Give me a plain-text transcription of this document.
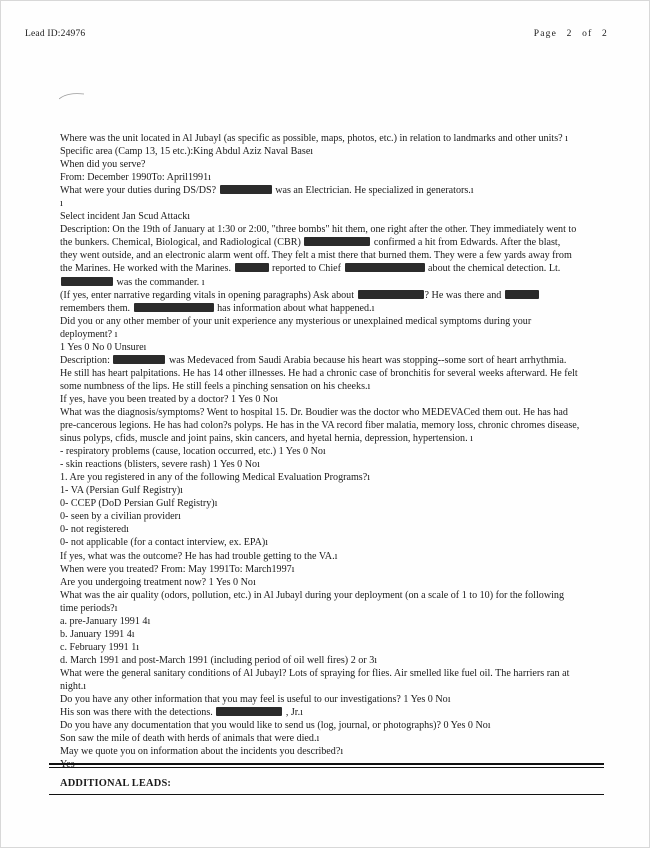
Lead ID:24976	Page 2 of 2

Where was the unit located in Al Jubayl (as specific as possible, maps, photos, etc.) in relation to landmarks and other units? ı

Specific area (Camp 13, 15 etc.):King Abdul Aziz Naval Baseı

When did you serve?

From: December 1990To: April1991ı

What were your duties during DS/DS?	was an Electrician. He specialized in generators.ı

ı

Select incident Jan Scud Attackı

Description: On the 19th of January at 1:30 or 2:00, "three bombs" hit them, one right after the other. They immediately went to the bunkers. Chemical, Biological, and Radiological (CBR)	confirmed a hit from Edwards. After the blast, they went outside, and an electronic alarm went off. They felt a mist there that burned them. They were a few yards away from the Marines. He worked with the Marines.	reported to Chief	about the chemical detection. Lt.  was the commander. ı

(If yes, enter narrative regarding vitals in opening paragraphs) Ask about	? He was there and  remembers them.	has information about what happened.ı

Did you or any other member of your unit experience any mysterious or unexplained medical symptoms during your deployment? ı

1 Yes 0 No 0 Unsureı

Description:	was Medevaced from Saudi Arabia because his heart was stopping--some sort of heart arrhythmia. He still has heart palpitations. He has 14 other illnesses. He had a chronic case of bronchitis for several weeks afterward. He felt some numbness of the lips. He still feels a pinching sensation on his cheeks.ı

If yes, have you been treated by a doctor? 1 Yes 0 Noı

What was the diagnosis/symptoms? Went to hospital 15. Dr. Boudier was the doctor who MEDEVACed them out. He has had pre-cancerous legions. He has had colon?s polyps. He has in the VA record fiber malatia, memory loss, chronic chromes disease, sinus polyps, cfids, muscle and joint pains, skin cancers, and hyetal hernia, depression, hypertension. ı

- respiratory problems (cause, location occurred, etc.) 1 Yes 0 Noı

- skin reactions (blisters, severe rash) 1 Yes 0 Noı

1. Are you registered in any of the following Medical Evaluation Programs?ı

1- VA (Persian Gulf Registry)ı

0- CCEP (DoD Persian Gulf Registry)ı

0- seen by a civilian providerı

0- not registeredı

0- not applicable (for a contact interview, ex. EPA)ı

If yes, what was the outcome? He has had trouble getting to the VA.ı

When were you treated? From: May 1991To: March1997ı

Are you undergoing treatment now? 1 Yes 0 Noı

What was the air quality (odors, pollution, etc.) in Al Jubayl during your deployment (on a scale of 1 to 10) for the following time periods?ı

a. pre-January 1991 4ı

b. January 1991 4ı

c. February 1991 1ı

d. March 1991 and post-March 1991 (including period of oil well fires) 2 or 3ı

What were the general sanitary conditions of Al Jubayl? Lots of spraying for flies. Air smelled like fuel oil. The harriers ran at night.ı

Do you have any other information that you may feel is useful to our investigations? 1 Yes 0 Noı

His son was there with the detections.	, Jr.ı

Do you have any documentation that you would like to send us (log, journal, or photographs)? 0 Yes 0 Noı

Son saw the mile of death with herds of animals that were died.ı

May we quote you on information about the incidents you described?ı

ADDITIONAL LEADS:
